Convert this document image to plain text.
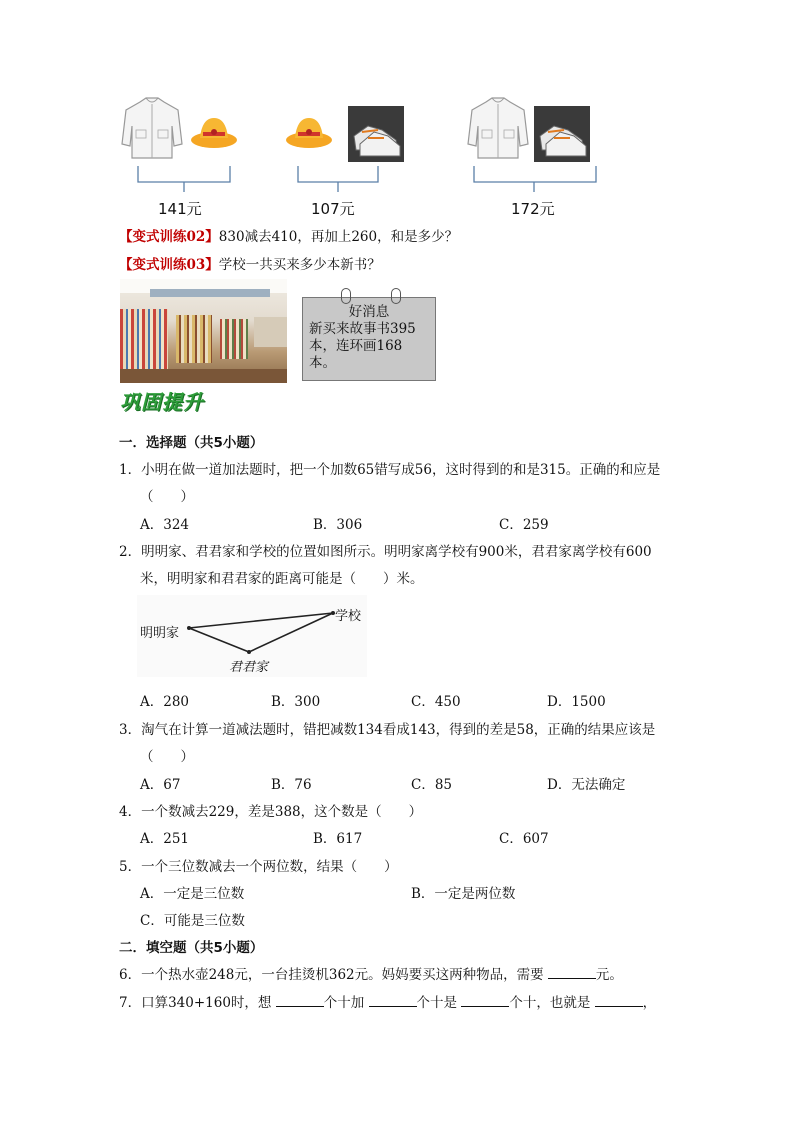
141元	107元	172元
【变式训练02】830减去410，再加上260，和是多少？
【变式训练03】学校一共买来多少本新书？
好消息
新买来故事书395
本，连环画168本。
巩固提升
一．选择题（共5小题）
1．小明在做一道加法题时，把一个加数65错写成56，这时得到的和是315。正确的和应是
（　　）
A．324	B．306	C．259
2．明明家、君君家和学校的位置如图所示。明明家离学校有900米，君君家离学校有600
米，明明家和君君家的距离可能是（　　）米。
明明家
学校
君君家
A．280	B．300	C．450	D．1500
3．淘气在计算一道减法题时，错把减数134看成143，得到的差是58，正确的结果应该是
（　　）
A．67	B．76	C．85	D．无法确定
4．一个数减去229，差是388，这个数是（　　）
A．251	B．617	C．607
5．一个三位数减去一个两位数，结果（　　）
A．一定是三位数	B．一定是两位数
C．可能是三位数
二．填空题（共5小题）
6．一个热水壶248元，一台挂烫机362元。妈妈要买这两种物品，需要	元。
7．口算340+160时，想	个十加	个十是	个十，也就是	，
